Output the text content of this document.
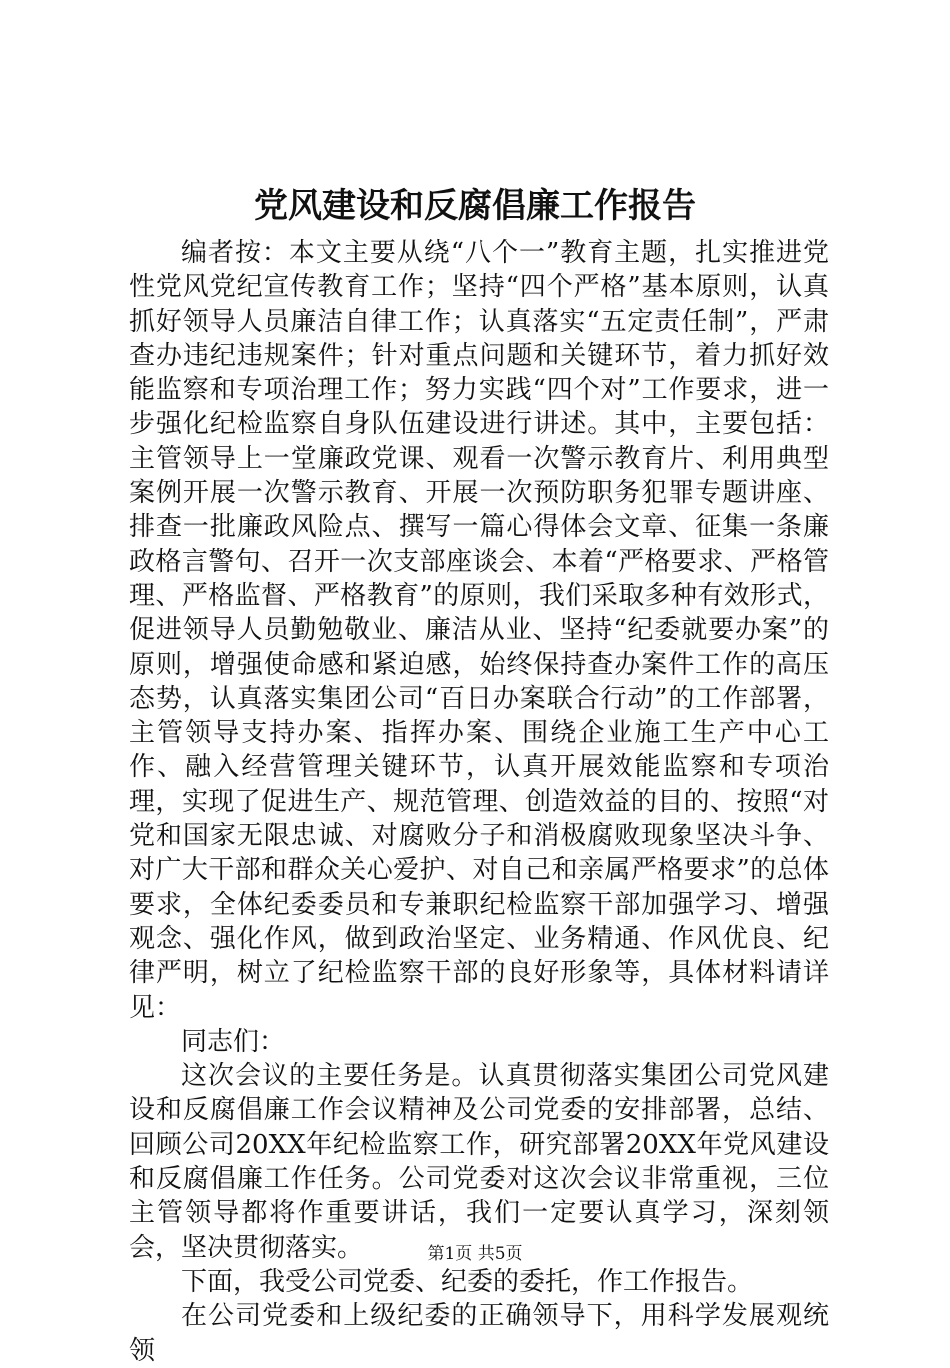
党风建设和反腐倡廉工作报告

编者按：本文主要从绕“八个一”教育主题，扎实推进党性党风党纪宣传教育工作；坚持“四个严格”基本原则，认真抓好领导人员廉洁自律工作；认真落实“五定责任制”，严肃查办违纪违规案件；针对重点问题和关键环节，着力抓好效能监察和专项治理工作；努力实践“四个对”工作要求，进一步强化纪检监察自身队伍建设进行讲述。其中，主要包括：主管领导上一堂廉政党课、观看一次警示教育片、利用典型案例开展一次警示教育、开展一次预防职务犯罪专题讲座、排查一批廉政风险点、撰写一篇心得体会文章、征集一条廉政格言警句、召开一次支部座谈会、本着“严格要求、严格管理、严格监督、严格教育”的原则，我们采取多种有效形式，促进领导人员勤勉敬业、廉洁从业、坚持“纪委就要办案”的原则，增强使命感和紧迫感，始终保持查办案件工作的高压态势，认真落实集团公司“百日办案联合行动”的工作部署，主管领导支持办案、指挥办案、围绕企业施工生产中心工作、融入经营管理关键环节，认真开展效能监察和专项治理，实现了促进生产、规范管理、创造效益的目的、按照“对党和国家无限忠诚、对腐败分子和消极腐败现象坚决斗争、对广大干部和群众关心爱护、对自己和亲属严格要求”的总体要求，全体纪委委员和专兼职纪检监察干部加强学习、增强观念、强化作风，做到政治坚定、业务精通、作风优良、纪律严明，树立了纪检监察干部的良好形象等，具体材料请详见：

同志们：

这次会议的主要任务是。认真贯彻落实集团公司党风建设和反腐倡廉工作会议精神及公司党委的安排部署，总结、回顾公司20XX年纪检监察工作，研究部署20XX年党风建设和反腐倡廉工作任务。公司党委对这次会议非常重视，三位主管领导都将作重要讲话，我们一定要认真学习，深刻领会，坚决贯彻落实。

下面，我受公司党委、纪委的委托，作工作报告。

在公司党委和上级纪委的正确领导下，用科学发展观统领

第1页 共5页
